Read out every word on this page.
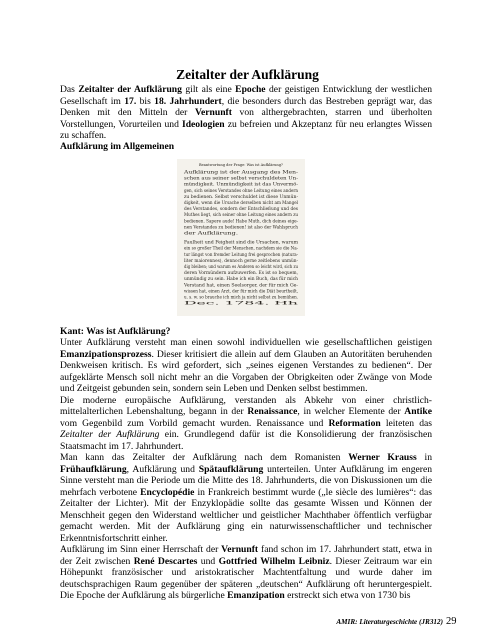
Zeitalter der Aufklärung

Das Zeitalter der Aufklärung gilt als eine Epoche der geistigen Entwicklung der westlichen Gesellschaft im 17. bis 18. Jahrhundert, die besonders durch das Bestreben geprägt war, das Denken mit den Mitteln der Vernunft von althergebrachten, starren und überholten Vorstellungen, Vorurteilen und Ideologien zu befreien und Akzeptanz für neu erlangtes Wissen zu schaffen.

Aufklärung im Allgemeinen
Beantwortung der Frage: Was ist Aufklärung?
Aufklärung ist der Ausgang des Men-
schen aus seiner selbst verschuldeten Un-
mündigkeit. Unmündigkeit ist das Unvermö-
gen, sich seines Verstandes ohne Leitung eines andern
zu bedienen. Selbst verschuldet ist diese Unmün-
digkeit, wenn die Ursache derselben nicht am Mangel
des Verstandes, sondern der Entschließung und des
Muthes liegt, sich seiner ohne Leitung eines andern zu
bedienen. Sapere aude! Habe Muth, dich deines eige-
nen Verstandes zu bedienen! ist also der Wahlspruch
der Aufklärung.
Faulheit und Feigheit sind die Ursachen, warum
ein so großer Theil der Menschen, nachdem sie die Na-
tur längst von fremder Leitung frei gesprochen (natura-
liter maiorennes), dennoch gerne zeitlebens unmün-
dig bleiben; und warum es Anderen so leicht wird, sich zu
deren Vormündern aufzuwerfen. Es ist so bequem,
unmündig zu sein. Habe ich ein Buch, das für mich
Verstand hat, einen Seelsorger, der für mich Ge-
wissen hat, einen Arzt, der für mich die Diät beurtheilt,
u. s. w. so brauche ich mich ja nicht selbst zu bemühen.
Dec. 1784. Hh
Kant: Was ist Aufklärung?

Unter Aufklärung versteht man einen sowohl individuellen wie gesellschaftlichen geistigen Emanzipationsprozess. Dieser kritisiert die allein auf dem Glauben an Autoritäten beruhenden Denkweisen kritisch. Es wird gefordert, sich „seines eigenen Verstandes zu bedienen“. Der aufgeklärte Mensch soll nicht mehr an die Vorgaben der Obrigkeiten oder Zwänge von Mode und Zeitgeist gebunden sein, sondern sein Leben und Denken selbst bestimmen.

Die moderne europäische Aufklärung, verstanden als Abkehr von einer christlich-mittelalterlichen Lebenshaltung, begann in der Renaissance, in welcher Elemente der Antike vom Gegenbild zum Vorbild gemacht wurden. Renaissance und Reformation leiteten das Zeitalter der Aufklärung ein. Grundlegend dafür ist die Konsolidierung der französischen Staatsmacht im 17. Jahrhundert.

Man kann das Zeitalter der Aufklärung nach dem Romanisten Werner Krauss in Frühaufklärung, Aufklärung und Spätaufklärung unterteilen. Unter Aufklärung im engeren Sinne versteht man die Periode um die Mitte des 18. Jahrhunderts, die von Diskussionen um die mehrfach verbotene Encyclopédie in Frankreich bestimmt wurde („le siècle des lumières“: das Zeitalter der Lichter). Mit der Enzyklopädie sollte das gesamte Wissen und Können der Menschheit gegen den Widerstand weltlicher und geistlicher Machthaber öffentlich verfügbar gemacht werden. Mit der Aufklärung ging ein naturwissenschaftlicher und technischer Erkenntnisfortschritt einher.

Aufklärung im Sinn einer Herrschaft der Vernunft fand schon im 17. Jahrhundert statt, etwa in der Zeit zwischen René Descartes und Gottfried Wilhelm Leibniz. Dieser Zeitraum war ein Höhepunkt französischer und aristokratischer Machtentfaltung und wurde daher im deutschsprachigen Raum gegenüber der späteren „deutschen“ Aufklärung oft heruntergespielt. Die Epoche der Aufklärung als bürgerliche Emanzipation erstreckt sich etwa von 1730 bis

AMIR: Literaturgeschichte (JR312) 29
